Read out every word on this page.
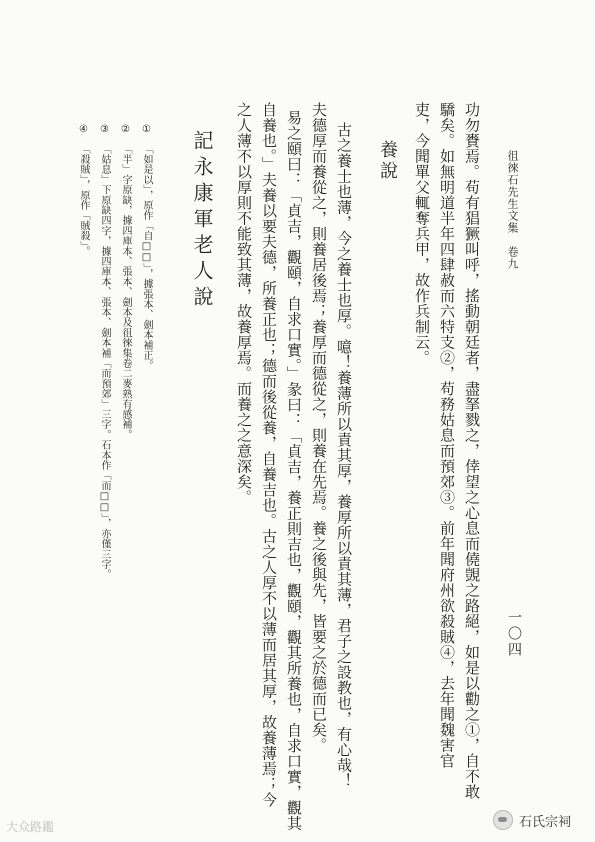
徂徠石先生文集　卷九
一〇四
功勿賚焉。苟有猖獗叫呼，搖動朝廷者，盡拏戮之，倖望之心息而僥覬之路絕，如是以勸之①，自不敢
驕矣。如無明道半年四肆赦而六特支②，苟務姑息而預郊③。前年聞府州欲殺賊④，去年聞魏害官
吏，今聞單父輒奪兵甲，故作兵制云。
養說
古之養士也薄，今之養士也厚。噫！養薄所以責其厚，養厚所以責其薄，君子之設教也，有心哉！
夫德厚而養從之，則養居後焉；養厚而德從之，則養在先焉。養之後與先，皆要之於德而已矣。
易之頤曰：「貞吉，觀頤，自求口實。」彖曰：「貞吉，養正則吉也，觀頤，觀其所養也，自求口實，觀其
自養也。」夫養以要夫德，所養正也；德而後從養，自養吉也。古之人厚不以薄而居其厚，故養薄焉；今
之人薄不以厚則不能致其薄，故養厚焉。而養之之意深矣。
記永康軍老人說
①
「如是以」，原作「自□□」，據張本、劍本補正。
②
「半」字原缺，據四庫本、張本、劍本及徂徠集卷二麥熟有感補。
③
「姑息」下原缺四字，據四庫本、張本、劍本補「而預郊」三字。石本作「而□□」，亦僅三字。
④
「殺賊」，原作「賊殺」。
大众路鑑	石氏宗祠
